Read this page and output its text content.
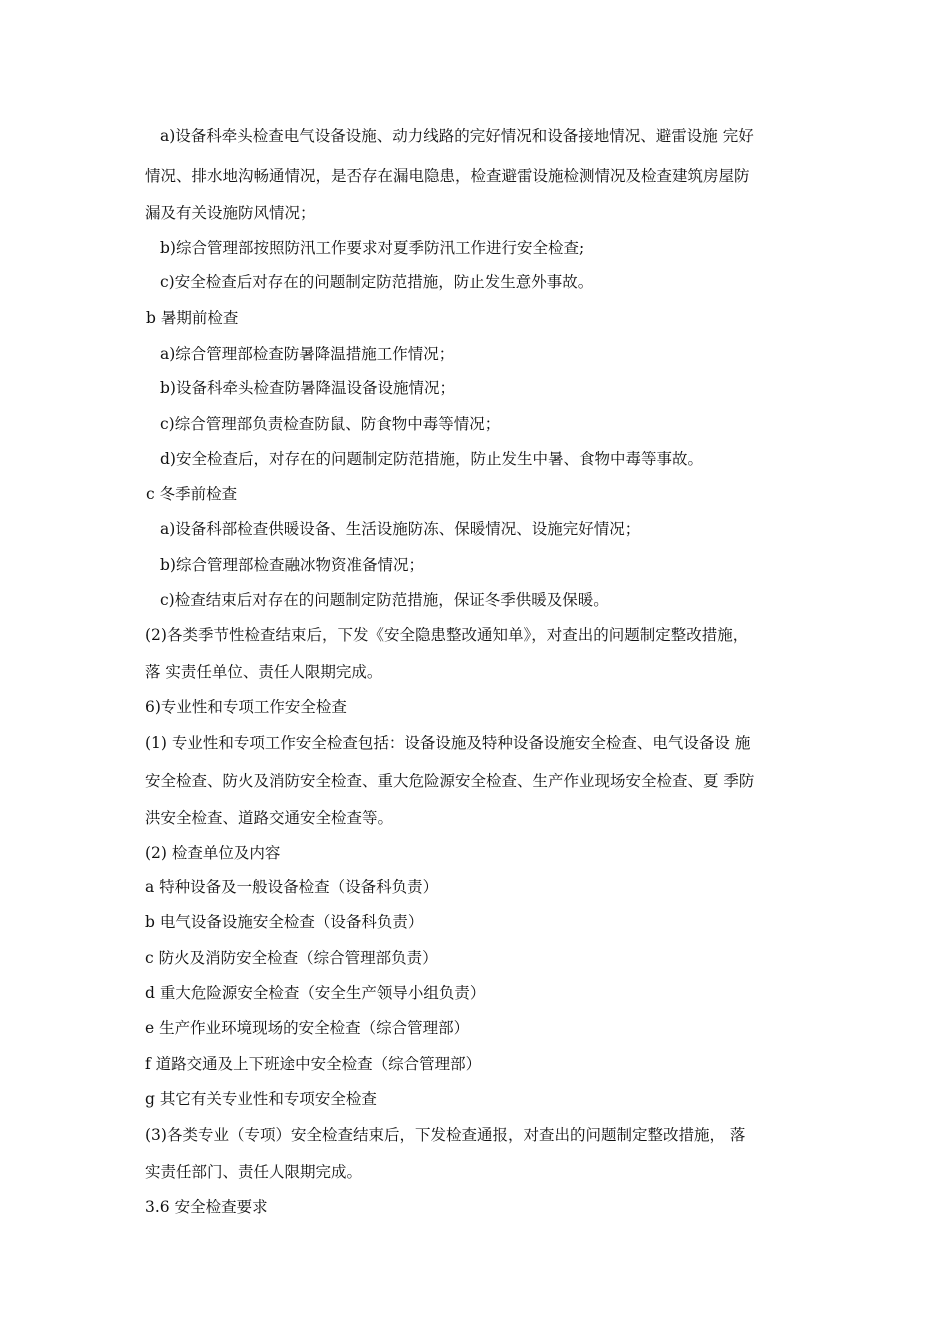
a)设备科牵头检查电气设备设施、动力线路的完好情况和设备接地情况、避雷设施 完好
情况、排水地沟畅通情况，是否存在漏电隐患，检查避雷设施检测情况及检查建筑房屋防
漏及有关设施防风情况；
b)综合管理部按照防汛工作要求对夏季防汛工作进行安全检查;
c)安全检查后对存在的问题制定防范措施，防止发生意外事故。
b 暑期前检查
a)综合管理部检查防暑降温措施工作情况；
b)设备科牵头检查防暑降温设备设施情况；
c)综合管理部负责检查防鼠、防食物中毒等情况；
d)安全检查后，对存在的问题制定防范措施，防止发生中暑、食物中毒等事故。
c 冬季前检查
a)设备科部检查供暖设备、生活设施防冻、保暖情况、设施完好情况；
b)综合管理部检查融冰物资准备情况；
c)检查结束后对存在的问题制定防范措施，保证冬季供暖及保暖。
(2)各类季节性检查结束后，下发《安全隐患整改通知单》，对查出的问题制定整改措施，
落 实责任单位、责任人限期完成。
6)专业性和专项工作安全检查
(1) 专业性和专项工作安全检查包括：设备设施及特种设备设施安全检查、电气设备设 施
安全检查、防火及消防安全检查、重大危险源安全检查、生产作业现场安全检查、夏 季防
洪安全检查、道路交通安全检查等。
(2) 检查单位及内容
a 特种设备及一般设备检查（设备科负责）
b 电气设备设施安全检查（设备科负责）
c 防火及消防安全检查（综合管理部负责）
d 重大危险源安全检查（安全生产领导小组负责）
e 生产作业环境现场的安全检查（综合管理部）
f 道路交通及上下班途中安全检查（综合管理部）
g 其它有关专业性和专项安全检查
(3)各类专业（专项）安全检查结束后，下发检查通报，对查出的问题制定整改措施， 落
实责任部门、责任人限期完成。
3.6 安全检查要求
